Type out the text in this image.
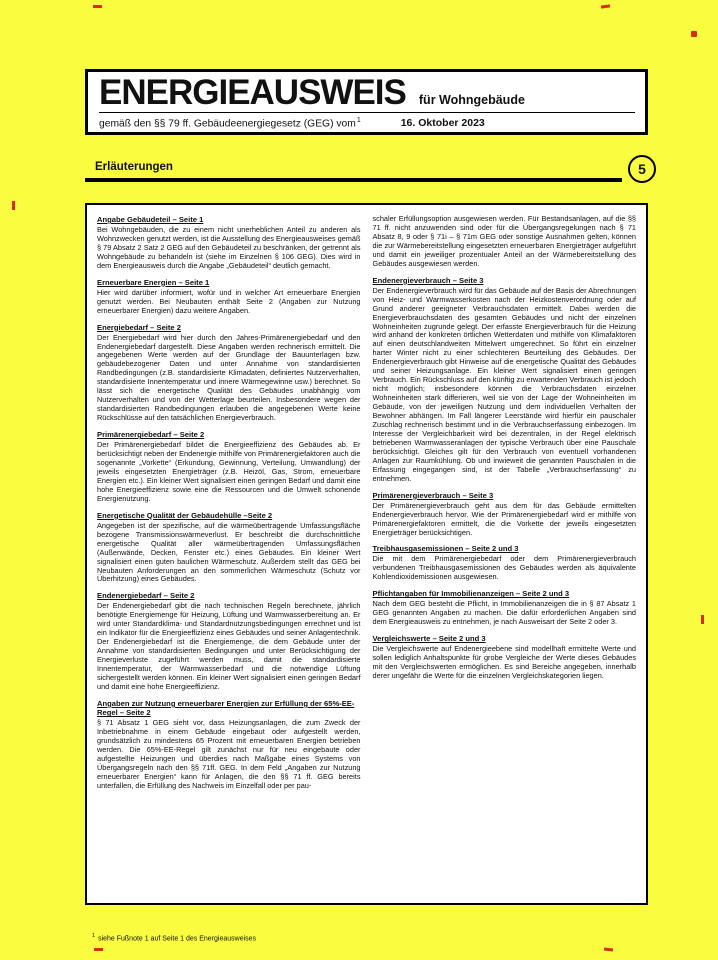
ENERGIEAUSWEIS für Wohngebäude
gemäß den §§ 79 ff. Gebäudeenergiegesetz (GEG) vom$^1$	16. Oktober 2023
Erläuterungen	5
Angabe Gebäudeteil – Seite 1
Bei Wohngebäuden, die zu einem nicht unerheblichen Anteil zu anderen als Wohnzwecken genutzt werden, ist die Ausstellung des Energieausweises gemäß § 79 Absatz 2 Satz 2 GEG auf den Gebäudeteil zu beschränken, der getrennt als Wohngebäude zu behandeln ist (siehe im Einzelnen § 106 GEG). Dies wird in dem Energieausweis durch die Angabe „Gebäudeteil“ deutlich gemacht.
Erneuerbare Energien – Seite 1
Hier wird darüber informiert, wofür und in welcher Art erneuerbare Energien genutzt werden. Bei Neubauten enthält Seite 2 (Angaben zur Nutzung erneuerbarer Energien) dazu weitere Angaben.
Energiebedarf – Seite 2
Der Energiebedarf wird hier durch den Jahres-Primärenergiebedarf und den Endenergiebedarf dargestellt. Diese Angaben werden rechnerisch ermittelt. Die angegebenen Werte werden auf der Grundlage der Bauunterlagen bzw. gebäudebezogener Daten und unter Annahme von standardisierten Randbedingungen (z.B. standardisierte Klimadaten, definiertes Nutzerverhalten, standardisierte Innentemperatur und innere Wärmegewinne usw.) berechnet. So lässt sich die energetische Qualität des Gebäudes unabhängig vom Nutzerverhalten und von der Wetterlage beurteilen. Insbesondere wegen der standardisierten Randbedingungen erlauben die angegebenen Werte keine Rückschlüsse auf den tatsächlichen Energieverbrauch.
Primärenergiebedarf – Seite 2
Der Primärenergiebedarf bildet die Energieeffizienz des Gebäudes ab. Er berücksichtigt neben der Endenergie mithilfe von Primärenergiefaktoren auch die sogenannte „Vorkette“ (Erkundung, Gewinnung, Verteilung, Umwandlung) der jeweils eingesetzten Energieträger (z.B. Heizöl, Gas, Strom, erneuerbare Energien etc.). Ein kleiner Wert signalisiert einen geringen Bedarf und damit eine hohe Energieeffizienz sowie eine die Ressourcen und die Umwelt schonende Energienutzung.
Energetische Qualität der Gebäudehülle –Seite 2
Angegeben ist der spezifische, auf die wärmeübertragende Umfassungsfläche bezogene Transmissionswärmeverlust. Er beschreibt die durchschnittliche energetische Qualität aller wärmeübertragenden Umfassungsflächen (Außenwände, Decken, Fenster etc.) eines Gebäudes. Ein kleiner Wert signalisiert einen guten baulichen Wärmeschutz. Außerdem stellt das GEG bei Neubauten Anforderungen an den sommerlichen Wärmeschutz (Schutz vor Überhitzung) eines Gebäudes.
Endenergiebedarf – Seite 2
Der Endenergiebedarf gibt die nach technischen Regeln berechnete, jährlich benötigte Energiemenge für Heizung, Lüftung und Warmwasserbereitung an. Er wird unter Standardklima- und Standardnutzungsbedingungen errechnet und ist ein Indikator für die Energieeffizienz eines Gebäudes und seiner Anlagentechnik. Der Endenergiebedarf ist die Energiemenge, die dem Gebäude unter der Annahme von standardisierten Bedingungen und unter Berücksichtigung der Energieverluste zugeführt werden muss, damit die standardisierte Innentemperatur, der Warmwasserbedarf und die notwendige Lüftung sichergestellt werden können. Ein kleiner Wert signalisiert einen geringen Bedarf und damit eine hohe Energieeffizienz.
Angaben zur Nutzung erneuerbarer Energien zur Erfüllung der 65%-EE-Regel – Seite 2
§ 71 Absatz 1 GEG sieht vor, dass Heizungsanlagen, die zum Zweck der Inbetriebnahme in einem Gebäude eingebaut oder aufgestellt werden, grundsätzlich zu mindestens 65 Prozent mit erneuerbaren Energien betrieben werden. Die 65%-EE-Regel gilt zunächst nur für neu eingebaute oder aufgestellte Heizungen und überdies nach Maßgabe eines Systems von Übergangsregeln nach den §§ 71ff. GEG. In dem Feld „Angaben zur Nutzung erneuerbarer Energien“ kann für Anlagen, die den §§ 71 ff. GEG bereits unterfallen, die Erfüllung des Nachweis im Einzelfall oder per pau-
schaler Erfüllungsoption ausgewiesen werden. Für Bestandsanlagen, auf die §§ 71 ff. nicht anzuwenden sind oder für die Übergangsregelungen nach § 71 Absatz 8, 9 oder § 71i – § 71m GEG oder sonstige Ausnahmen gelten, können die zur Wärmebereitstellung eingesetzten erneuerbaren Energieträger aufgeführt und damit ein jeweiliger prozentualer Anteil an der Wärmebereitstellung des Gebäudes ausgewiesen werden.
Endenergieverbrauch – Seite 3
Der Endenergieverbrauch wird für das Gebäude auf der Basis der Abrechnungen von Heiz- und Warmwasserkosten nach der Heizkostenverordnung oder auf Grund anderer geeigneter Verbrauchsdaten ermittelt. Dabei werden die Energieverbrauchsdaten des gesamten Gebäudes und nicht der einzelnen Wohneinheiten zugrunde gelegt. Der erfasste Energieverbrauch für die Heizung wird anhand der konkreten örtlichen Wetterdaten und mithilfe von Klimafaktoren auf einen deutschlandweiten Mittelwert umgerechnet. So führt ein einzelner harter Winter nicht zu einer schlechteren Beurteilung des Gebäudes. Der Endenergieverbrauch gibt Hinweise auf die energetische Qualität des Gebäudes und seiner Heizungsanlage. Ein kleiner Wert signalisiert einen geringen Verbrauch. Ein Rückschluss auf den künftig zu erwartenden Verbrauch ist jedoch nicht möglich; insbesondere können die Verbrauchsdaten einzelner Wohneinheiten stark differieren, weil sie von der Lage der Wohneinheiten im Gebäude, von der jeweiligen Nutzung und dem individuellen Verhalten der Bewohner abhängen. Im Fall längerer Leerstände wird hierfür ein pauschaler Zuschlag rechnerisch bestimmt und in die Verbrauchserfassung einbezogen. Im Interesse der Vergleichbarkeit wird bei dezentralen, in der Regel elektrisch betriebenen Warmwasseranlagen der typische Verbrauch über eine Pauschale berücksichtigt. Gleiches gilt für den Verbrauch von eventuell vorhandenen Anlagen zur Raumkühlung. Ob und inwieweit die genannten Pauschalen in die Erfassung eingegangen sind, ist der Tabelle „Verbrauchserfassung“ zu entnehmen.
Primärenergieverbrauch – Seite 3
Der Primärenergieverbrauch geht aus dem für das Gebäude ermittelten Endenergieverbrauch hervor. Wie der Primärenergiebedarf wird er mithilfe von Primärenergiefaktoren ermittelt, die die Vorkette der jeweils eingesetzten Energieträger berücksichtigen.
Treibhausgasemissionen – Seite 2 und 3
Die mit dem Primärenergiebedarf oder dem Primärenergieverbrauch verbundenen Treibhausgasemissionen des Gebäudes werden als äquivalente Kohlendioxidemissionen ausgewiesen.
Pflichtangaben für Immobilienanzeigen – Seite 2 und 3
Nach dem GEG besteht die Pflicht, in Immobilienanzeigen die in § 87 Absatz 1 GEG genannten Angaben zu machen. Die dafür erforderlichen Angaben sind dem Energieausweis zu entnehmen, je nach Ausweisart der Seite 2 oder 3.
Vergleichswerte – Seite 2 und 3
Die Vergleichswerte auf Endenergieebene sind modellhaft ermittelte Werte und sollen lediglich Anhaltspunkte für grobe Vergleiche der Werte dieses Gebäudes mit den Vergleichswerten ermöglichen. Es sind Bereiche angegeben, innerhalb derer ungefähr die Werte für die einzelnen Vergleichskategorien liegen.
$^1$ siehe Fußnote 1 auf Seite 1 des Energieausweises
